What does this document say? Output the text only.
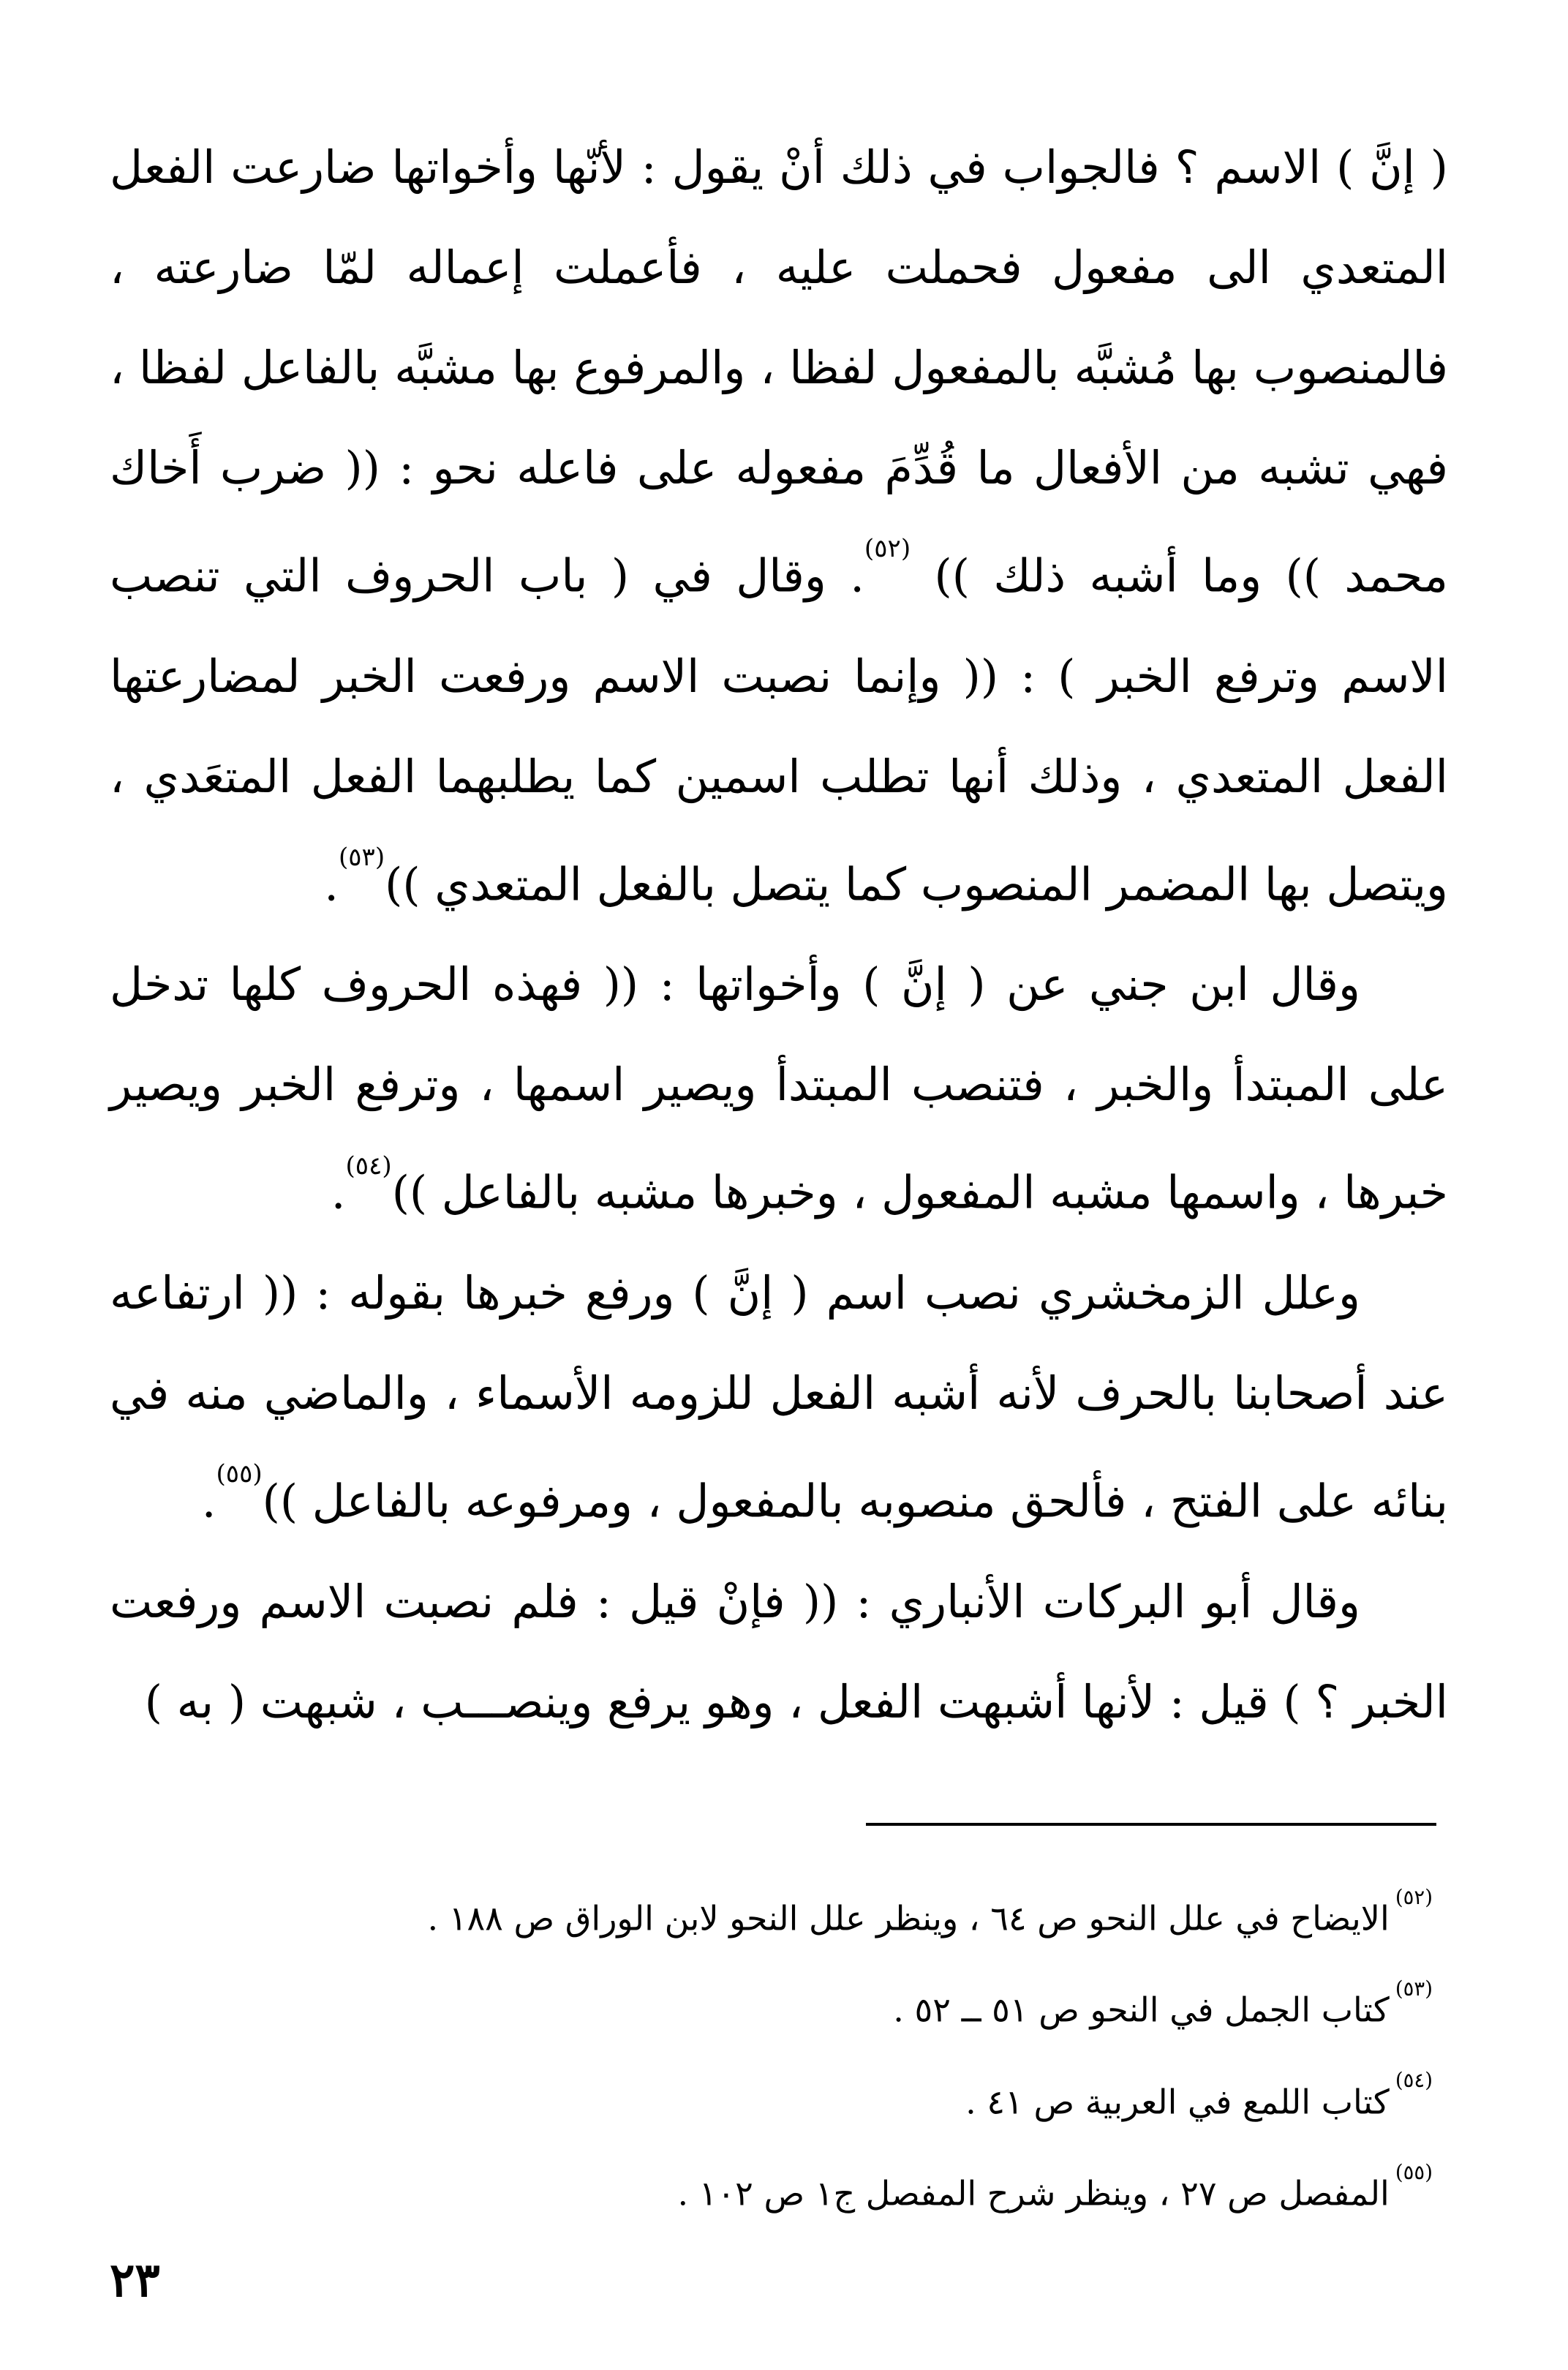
( إنَّ ) الاسم ؟ فالجواب في ذلك أنْ يقول : لأنّها وأخواتها ضارعت الفعل المتعدي الى مفعول فحملت عليه ، فأعملت إعماله لمّا ضارعته ، فالمنصوب بها مُشبَّه بالمفعول لفظا ، والمرفوع بها مشبَّه بالفاعل لفظا ، فهي تشبه من الأفعال ما قُدِّمَ مفعوله على فاعله نحو : (( ضرب أَخاك محمد )) وما أشبه ذلك )) $^{(٥٢)}$. وقال في ( باب الحروف التي تنصب الاسم وترفع الخبر ) : (( وإنما نصبت الاسم ورفعت الخبر لمضارعتها الفعل المتعدي ، وذلك أنها تطلب اسمين كما يطلبهما الفعل المتعَدي ، ويتصل بها المضمر المنصوب كما يتصل بالفعل المتعدي ))$^{(٥٣)}$.

وقال ابن جني عن ( إنَّ ) وأخواتها : (( فهذه الحروف كلها تدخل على المبتدأ والخبر ، فتنصب المبتدأ ويصير اسمها ، وترفع الخبر ويصير خبرها ، واسمها مشبه المفعول ، وخبرها مشبه بالفاعل ))$^{(٥٤)}$.

وعلل الزمخشري نصب اسم ( إنَّ ) ورفع خبرها بقوله : (( ارتفاعه عند أصحابنا بالحرف لأنه أشبه الفعل للزومه الأسماء ، والماضي منه في بنائه على الفتح ، فألحق منصوبه بالمفعول ، ومرفوعه بالفاعل ))$^{(٥٥)}$.

وقال أبو البركات الأنباري : (( فإنْ قيل : فلم نصبت الاسم ورفعت الخبر ؟ ) قيل : لأنها أشبهت الفعل ، وهو يرفع وينصـــب ، شبهت ( به )

$^{(٥٢)}$الايضاح في علل النحو ص ٦٤ ، وينظر علل النحو لابن الوراق ص ١٨٨ .

$^{(٥٣)}$كتاب الجمل في النحو ص ٥١ ــ ٥٢ .

$^{(٥٤)}$كتاب اللمع في العربية ص ٤١ .

$^{(٥٥)}$المفصل ص ٢٧ ، وينظر شرح المفصل ج١ ص ١٠٢ .

٢٣
